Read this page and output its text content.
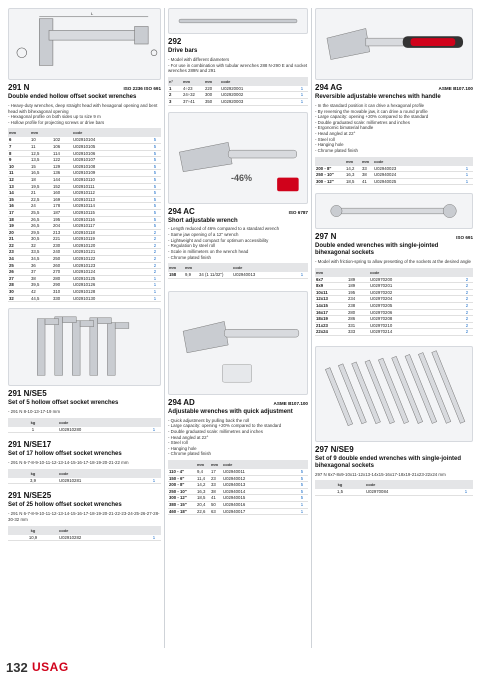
L
291 N	ISO 2236 ISO 691
Double ended hollow offset socket wrenches
- Heavy-duty wrenches, deep straight head with hexagonal opening and bent head with bihexagonal opening
- Hexagonal profile on both sides up to size 9 m
- Hollow profile for projecting screws or drive bars
mm	mm		code	
6	10	102	U02910104	5
7	11	106	U02910105	5
8	12,5	114	U02910106	5
9	13,5	122	U02910107	5
10	15	129	U02910108	5
11	16,5	136	U02910109	5
12	18	144	U02910110	5
13	19,5	152	U02910111	5
14	21	160	U02910112	5
15	22,5	169	U02910113	5
16	24	178	U02910114	5
17	25,5	187	U02910115	5
18	26,5	195	U02910116	5
19	26,5	204	U02910117	5
20	29,5	213	U02910118	2
21	30,5	221	U02910119	2
22	32	230	U02910120	2
23	33,5	240	U02910121	2
24	34,5	250	U02910122	2
25	36	260	U02910123	2
26	37	270	U02910124	2
27	38	280	U02910125	1
28	39,5	290	U02910126	1
30	42	310	U02910128	1
32	44,5	330	U02910130	1
291 N/SE5
Set of 5 hollow offset socket wrenches
- 291 N 8-10-13-17-19 mm
kg	code	
1	U02910280	1
291 N/SE17
Set of 17 hollow offset socket wrenches
- 291 N 6-7-8-9-10-11-12-13-14-15-16-17-18-19-20-21-22 mm
kg	code	
3,9	U02910281	1
291 N/SE25
Set of 25 hollow offset socket wrenches
- 291 N 6-7-8-9-10-11-12-13-14-15-16-17-18-19-20-21-22-23-24-25-26-27-28-30-32 mm
kg	code	
10,9	U02910282	1
292
Drive bars
- Model with different diameters
- For use in combination with tubular wrenches 288 N-290 E and socket wrenches 289N and 291
n°	mm	mm	code	
1	4÷23	220	U02920001	1
2	24÷32	300	U02920002	1
3	37÷41	350	U02920003	1
-46%
294 AC	ISO 6787
Short adjustable wrench
- Length reduced of 46% compared to a standard wrench
- Same jaw opening of a 12" wrench
- Lightweight and compact for optimum accessibility
- Regulation by steel roll
- Scale in millimeters on the wrench head
- Chrome plated finish
mm	mm		code	
158	9,9	34 (1 11/32")	U02940013	1
294 AD	ASME B107.100
Adjustable wrenches with quick adjustment
- Quick adjustment by pulling back the roll
- Large capacity: opening +20% compared to the standard
- Double graduated scale: millimetres and inches
- Head angled at 22°
- Steel roll
- Hanging hole
- Chrome plated finish
	mm	mm	code	
110 - 4"	9,4	17	U02940011	5
150 - 6"	11,4	23	U02940012	5
200 - 8"	14,2	33	U02940013	5
250 - 10"	16,3	38	U02940014	5
300 - 12"	18,5	41	U02940015	5
380 - 15"	20,4	50	U02940016	1
460 - 18"	22,6	63	U02940017	1
294 AG	ASME B107.100
Reversible adjustable wrenches with handle
- In the standard position it can drive a hexagonal profile
- By reversing the movable jaw, it can drive a round profile
- Large capacity: opening +20% compared to the standard
- Double graduated scale: millimetres and inches
- Ergonomic bimaterial handle
- Head angled at 22°
- Steel roll
- Hanging hole
- Chrome plated finish
	mm	mm	code	
200 - 8"	14,2	33	U02940023	1
250 - 10"	16,3	38	U02940024	1
300 - 12"	18,5	41	U02940025	1
297 N	ISO 691
Double ended wrenches with single-jointed bihexagonal sockets
- Model with friction-spring to allow presetting of the sockets at the desired angle
mm		code	
6x7	189	U02970200	2
8x9	189	U02970201	2
10x11	195	U02970202	2
12x13	234	U02970204	2
14x15	238	U02970205	2
16x17	280	U02970206	2
18x19	286	U02970208	2
21x23	331	U02970210	2
22x24	333	U02970214	2
297 N/SE9
Set of 9 double ended wrenches with single-jointed bihexagonal sockets
297 N 6x7-8x9-10x11-12x13-14x15-16x17-18x19-21x23-22x24 mm
kg	code	
1,5	U02970084	1
132 USAG
